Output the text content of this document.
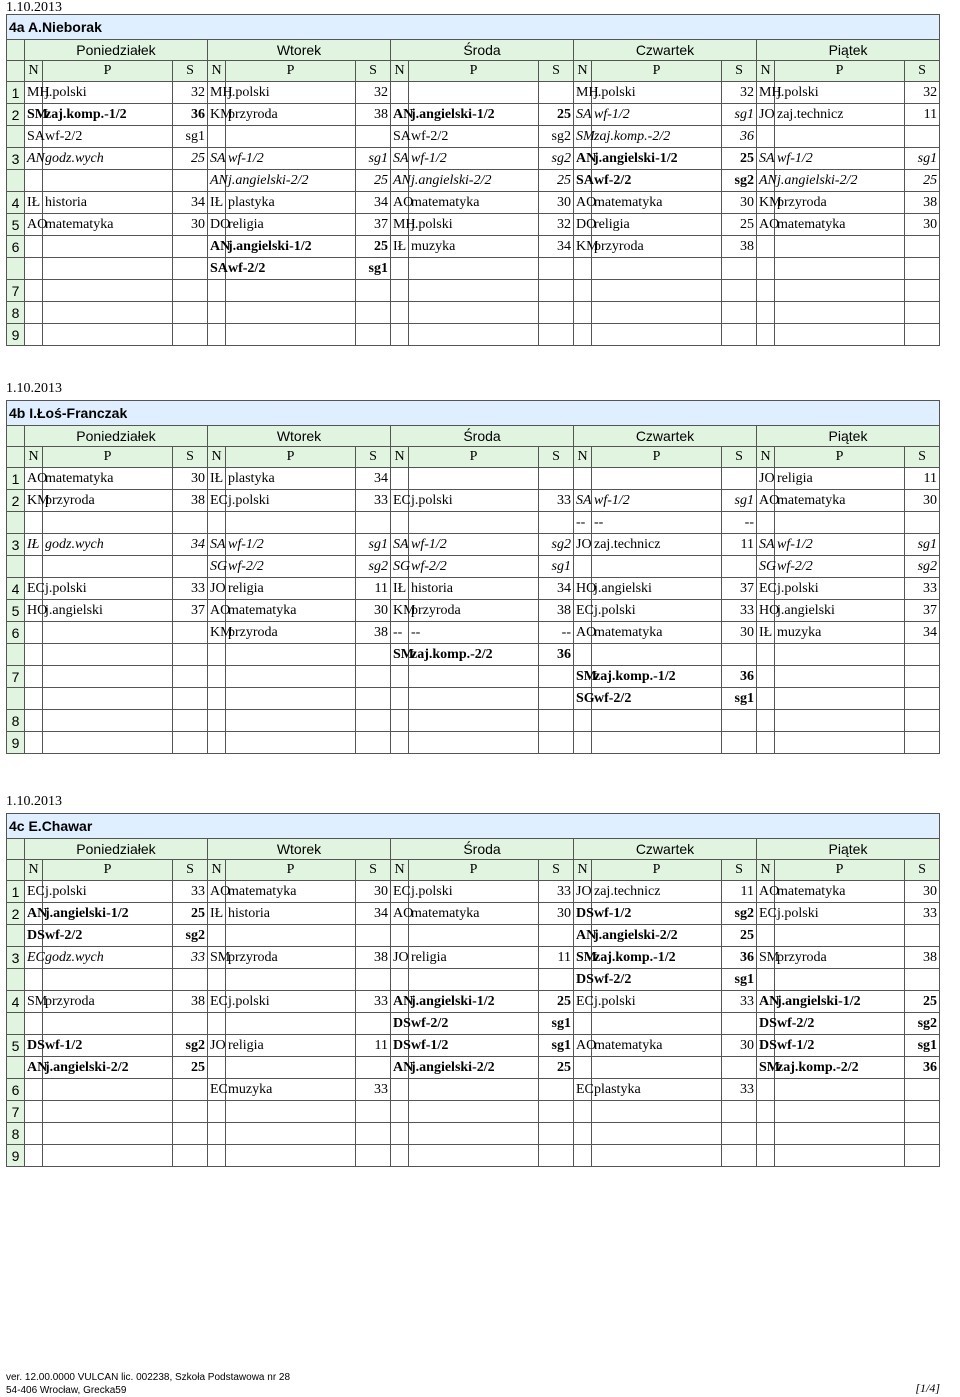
1.10.2013
4a A.Nieborak															
	Poniedziałek			Wtorek			Środa			Czwartek			Piątek		
	N	P	S	N	P	S	N	P	S	N	P	S	N	P	S
1	MH	j.polski	32	MH	j.polski	32				MH	j.polski	32	MH	j.polski	32
2	SM	zaj.komp.-1/2	36	KM	przyroda	38	AN	j.angielski-1/2	25	SA	wf-1/2	sg1	JO	zaj.technicz	11
	SA	wf-2/2	sg1				SA	wf-2/2	sg2	SM	zaj.komp.-2/2	36			
3	AN	godz.wych	25	SA	wf-1/2	sg1	SA	wf-1/2	sg2	AN	j.angielski-1/2	25	SA	wf-1/2	sg1
				AN	j.angielski-2/2	25	AN	j.angielski-2/2	25	SA	wf-2/2	sg2	AN	j.angielski-2/2	25
4	IŁ	historia	34	IŁ	plastyka	34	AO	matematyka	30	AO	matematyka	30	KM	przyroda	38
5	AO	matematyka	30	DO	religia	37	MH	j.polski	32	DO	religia	25	AO	matematyka	30
6				AN	j.angielski-1/2	25	IŁ	muzyka	34	KM	przyroda	38			
				SA	wf-2/2	sg1									
7															
8															
9															
1.10.2013
4b I.Łoś-Franczak															
	Poniedziałek			Wtorek			Środa			Czwartek			Piątek		
	N	P	S	N	P	S	N	P	S	N	P	S	N	P	S
1	AO	matematyka	30	IŁ	plastyka	34							JO	religia	11
2	KM	przyroda	38	EC	j.polski	33	EC	j.polski	33	SA	wf-1/2	sg1	AO	matematyka	30
										--	--	--			
3	IŁ	godz.wych	34	SA	wf-1/2	sg1	SA	wf-1/2	sg2	JO	zaj.technicz	11	SA	wf-1/2	sg1
				SG	wf-2/2	sg2	SG	wf-2/2	sg1				SG	wf-2/2	sg2
4	EC	j.polski	33	JO	religia	11	IŁ	historia	34	HO	j.angielski	37	EC	j.polski	33
5	HO	j.angielski	37	AO	matematyka	30	KM	przyroda	38	EC	j.polski	33	HO	j.angielski	37
6				KM	przyroda	38	--	--	--	AO	matematyka	30	IŁ	muzyka	34
							SM	zaj.komp.-2/2	36						
7										SM	zaj.komp.-1/2	36			
										SG	wf-2/2	sg1			
8															
9															
1.10.2013
4c E.Chawar															
	Poniedziałek			Wtorek			Środa			Czwartek			Piątek		
	N	P	S	N	P	S	N	P	S	N	P	S	N	P	S
1	EC	j.polski	33	AO	matematyka	30	EC	j.polski	33	JO	zaj.technicz	11	AO	matematyka	30
2	AN	j.angielski-1/2	25	IŁ	historia	34	AO	matematyka	30	DS	wf-1/2	sg2	EC	j.polski	33
	DS	wf-2/2	sg2							AN	j.angielski-2/2	25			
3	EC	godz.wych	33	SM	przyroda	38	JO	religia	11	SM	zaj.komp.-1/2	36	SM	przyroda	38
										DS	wf-2/2	sg1			
4	SM	przyroda	38	EC	j.polski	33	AN	j.angielski-1/2	25	EC	j.polski	33	AN	j.angielski-1/2	25
							DS	wf-2/2	sg1				DS	wf-2/2	sg2
5	DS	wf-1/2	sg2	JO	religia	11	DS	wf-1/2	sg1	AO	matematyka	30	DS	wf-1/2	sg1
	AN	j.angielski-2/2	25				AN	j.angielski-2/2	25				SM	zaj.komp.-2/2	36
6				EC	muzyka	33				EC	plastyka	33			
7															
8															
9															
ver. 12.00.0000 VULCAN lic. 002238, Szkoła Podstawowa nr 28
54-406 Wrocław, Grecka59	[1/4]
